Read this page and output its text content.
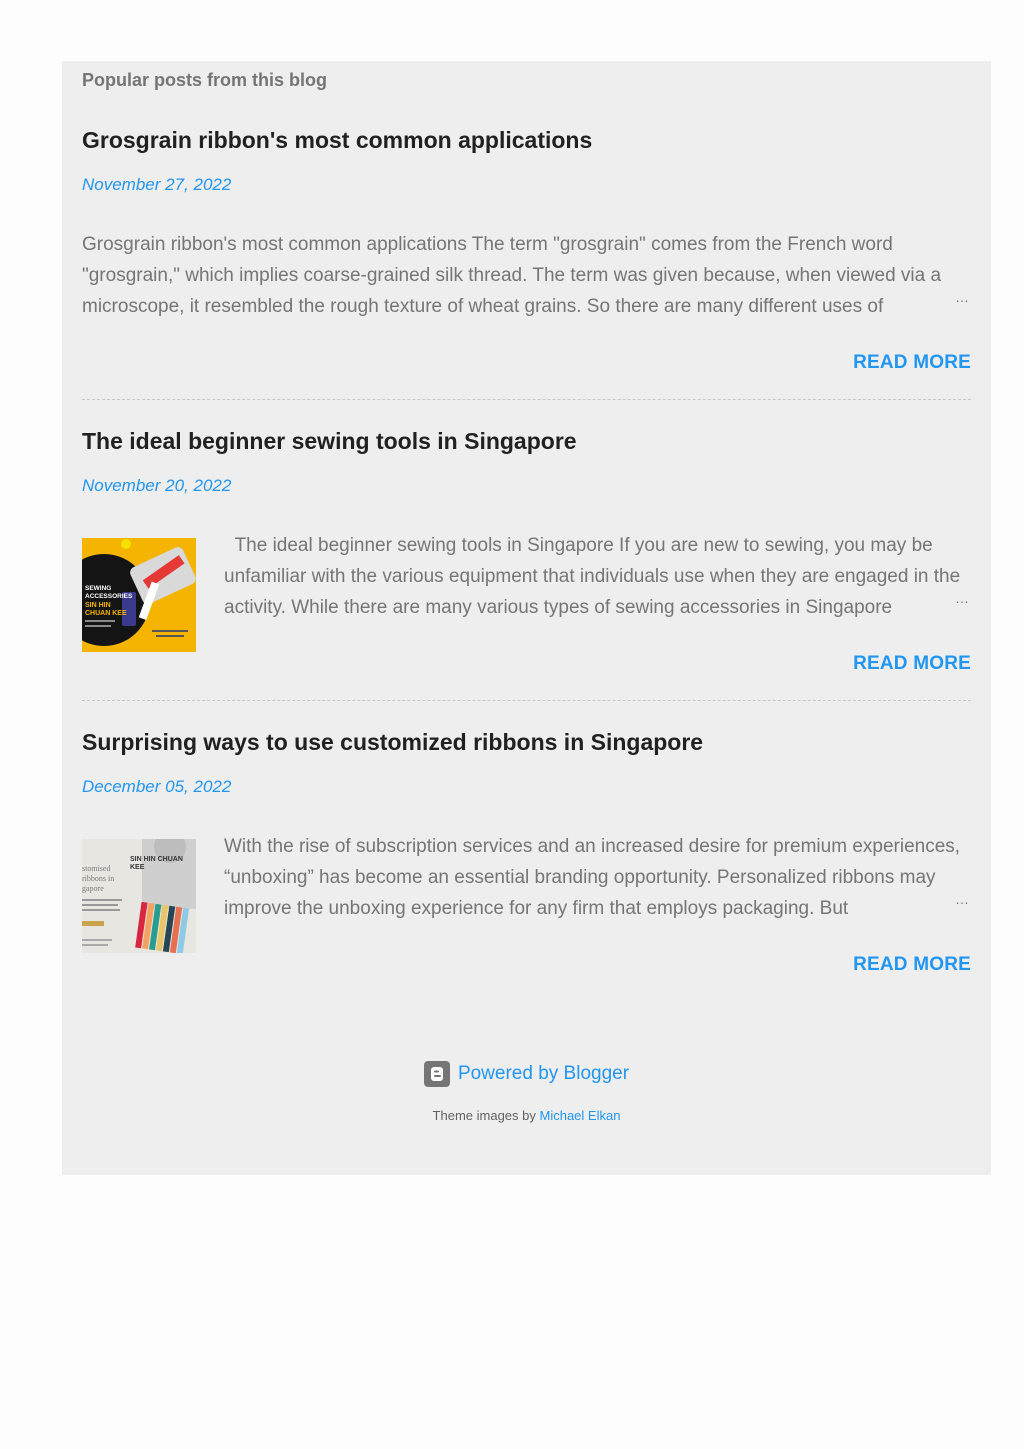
Popular posts from this blog
Grosgrain ribbon's most common applications
November 27, 2022
Grosgrain ribbon's most common applications The term "grosgrain" comes from the French word "grosgrain," which implies coarse-grained silk thread. The term was given because, when viewed via a microscope, it resembled the rough texture of wheat grains. So there are many different uses of	…
READ MORE
The ideal beginner sewing tools in Singapore
November 20, 2022
SEWING
ACCESSORIES
SIN HIN
CHUAN KEE
The ideal beginner sewing tools in Singapore If you are new to sewing, you may be unfamiliar with the various equipment that individuals use when they are engaged in the activity. While there are many various types of sewing accessories in Singapore	…
READ MORE
Surprising ways to use customized ribbons in Singapore
December 05, 2022
SIN HIN CHUAN
KEE
stomised
ribbons in
gapore
With the rise of subscription services and an increased desire for premium experiences, “unboxing” has become an essential branding opportunity. Personalized ribbons may improve the unboxing experience for any firm that employs packaging. But	…
READ MORE
Powered by Blogger
Theme images by Michael Elkan
